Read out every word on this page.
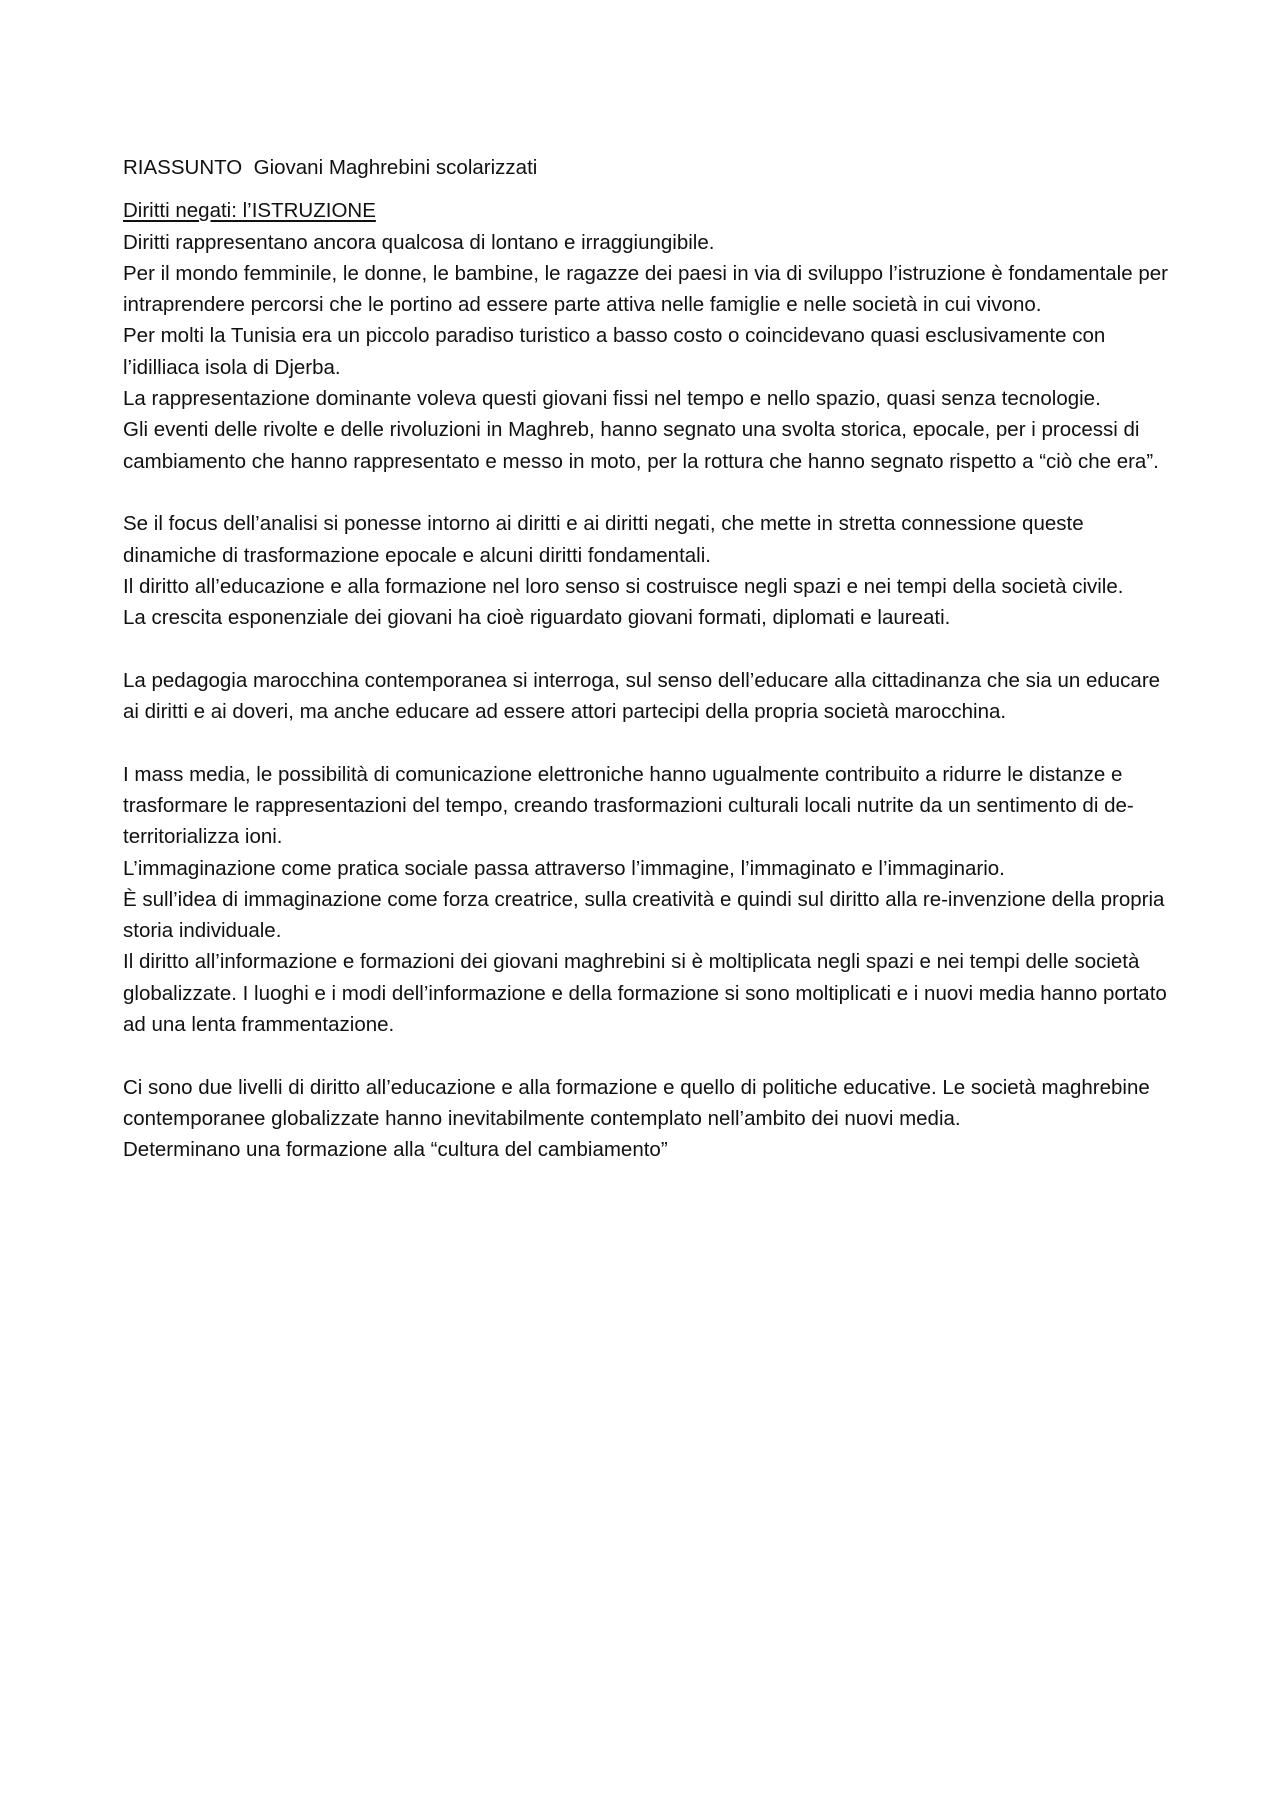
RIASSUNTO  Giovani Maghrebini scolarizzati
Diritti negati: l’ISTRUZIONE

Diritti rappresentano ancora qualcosa di lontano e irraggiungibile.

Per il mondo femminile, le donne, le bambine, le ragazze dei paesi in via di sviluppo l’istruzione è fondamentale per intraprendere percorsi che le portino ad essere parte attiva nelle famiglie e nelle società in cui vivono.

Per molti la Tunisia era un piccolo paradiso turistico a basso costo o coincidevano quasi esclusivamente con l’idilliaca isola di Djerba.

La rappresentazione dominante voleva questi giovani fissi nel tempo e nello spazio, quasi senza tecnologie.

Gli eventi delle rivolte e delle rivoluzioni in Maghreb, hanno segnato una svolta storica, epocale, per i processi di cambiamento che hanno rappresentato e messo in moto, per la rottura che hanno segnato rispetto a “ciò che era”.

Se il focus dell’analisi si ponesse intorno ai diritti e ai diritti negati, che mette in stretta connessione queste dinamiche di trasformazione epocale e alcuni diritti fondamentali.

Il diritto all’educazione e alla formazione nel loro senso si costruisce negli spazi e nei tempi della società civile.

La crescita esponenziale dei giovani ha cioè riguardato giovani formati, diplomati e laureati.

La pedagogia marocchina contemporanea si interroga, sul senso dell’educare alla cittadinanza che sia un educare ai diritti e ai doveri, ma anche educare ad essere attori partecipi della propria società marocchina.

I mass media, le possibilità di comunicazione elettroniche hanno ugualmente contribuito a ridurre le distanze e trasformare le rappresentazioni del tempo, creando trasformazioni culturali locali nutrite da un sentimento di de- territorializza ioni.

L’immaginazione come pratica sociale passa attraverso l’immagine, l’immaginato e l’immaginario.

È sull’idea di immaginazione come forza creatrice, sulla creatività e quindi sul diritto alla re-invenzione della propria storia individuale.

Il diritto all’informazione e formazioni dei giovani maghrebini si è moltiplicata negli spazi e nei tempi delle società globalizzate. I luoghi e i modi dell’informazione e della formazione si sono moltiplicati e i nuovi media hanno portato ad una lenta frammentazione.

Ci sono due livelli di diritto all’educazione e alla formazione e quello di politiche educative. Le società maghrebine contemporanee globalizzate hanno inevitabilmente contemplato nell’ambito dei nuovi media.

Determinano una formazione alla “cultura del cambiamento”
